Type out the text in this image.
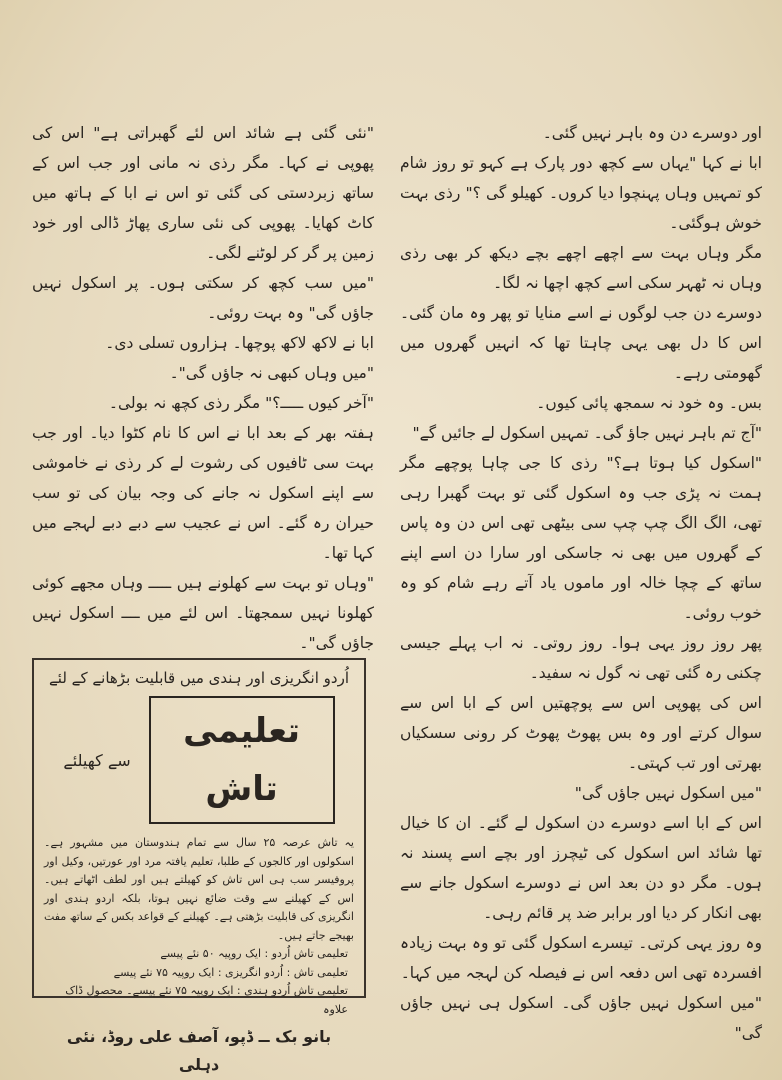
اور دوسرے دن وہ باہر نہیں گئی۔

ابا نے کہا "یہاں سے کچھ دور پارک ہے کہو تو روز شام کو تمہیں وہاں پہنچوا دیا کروں۔ کھیلو گی ؟" رذی بہت خوش ہوگئی۔

مگر وہاں بہت سے اچھے اچھے بچے دیکھ کر بھی رذی وہاں نہ ٹھہر سکی اسے کچھ اچھا نہ لگا۔

دوسرے دن جب لوگوں نے اسے منایا تو پھر وہ مان گئی۔ اس کا دل بھی یہی چاہتا تھا کہ انہیں گھروں میں گھومتی رہے۔

بس۔ وہ خود نہ سمجھ پائی کیوں۔

"آج تم باہر نہیں جاؤ گی۔ تمہیں اسکول لے جائیں گے"

"اسکول کیا ہوتا ہے؟" رذی کا جی چاہا پوچھے مگر ہمت نہ پڑی جب وہ اسکول گئی تو بہت گھبرا رہی تھی، الگ الگ چپ چپ سی بیٹھی تھی اس دن وہ پاس کے گھروں میں بھی نہ جاسکی اور سارا دن اسے اپنے ساتھ کے چچا خالہ اور ماموں یاد آتے رہے شام کو وہ خوب روئی۔

پھر روز روز یہی ہوا۔ روز روتی۔ نہ اب پہلے جیسی چکنی رہ گئی تھی نہ گول نہ سفید۔

اس کی پھوپی اس سے پوچھتیں اس کے ابا اس سے سوال کرتے اور وہ بس پھوٹ پھوٹ کر رونی سسکیاں بھرتی اور تب کہتی۔

"میں اسکول نہیں جاؤں گی"

اس کے ابا اسے دوسرے دن اسکول لے گئے۔ ان کا خیال تھا شائد اس اسکول کی ٹیچرز اور بچے اسے پسند نہ ہوں۔ مگر دو دن بعد اس نے دوسرے اسکول جانے سے بھی انکار کر دیا اور برابر ضد پر قائم رہی۔

وہ روز یہی کرتی۔ تیسرے اسکول گئی تو وہ بہت زیادہ افسردہ تھی اس دفعہ اس نے فیصلہ کن لہجہ میں کہا۔

"میں اسکول نہیں جاؤں گی۔ اسکول ہی نہیں جاؤں گی"

"نئی گئی ہے شائد اس لئے گھبراتی ہے" اس کی پھوپی نے کہا۔ مگر رذی نہ مانی اور جب اس کے ساتھ زبردستی کی گئی تو اس نے ابا کے ہاتھ میں کاٹ کھایا۔ پھوپی کی نئی ساری پھاڑ ڈالی اور خود زمین پر گر کر لوٹنے لگی۔

"میں سب کچھ کر سکتی ہوں۔ پر اسکول نہیں جاؤں گی" وہ بہت روئی۔

ابا نے لاکھ لاکھ پوچھا۔ ہزاروں تسلی دی۔

"میں وہاں کبھی نہ جاؤں گی"۔

"آخر کیوں ـــــ؟" مگر رذی کچھ نہ بولی۔

ہفتہ بھر کے بعد ابا نے اس کا نام کٹوا دیا۔ اور جب بہت سی ٹافیوں کی رشوت لے کر رذی نے خاموشی سے اپنے اسکول نہ جانے کی وجہ بیان کی تو سب حیران رہ گئے۔ اس نے عجیب سے دبے دبے لہجے میں کہا تھا۔

"وہاں تو بہت سے کھلونے ہیں ـــــ وہاں مجھے کوئی کھلونا نہیں سمجھتا۔ اس لئے میں ــــ اسکول نہیں جاؤں گی"۔

اُردو انگریزی اور ہندی میں قابلیت بڑھانے کے لئے
تعلیمی تاش
سے کھیلئے
یہ تاش عرصہ ۲۵ سال سے تمام ہندوستان میں مشہور ہے۔ اسکولوں اور کالجوں کے طلبا، تعلیم یافتہ مرد اور عورتیں، وکیل اور پروفیسر سب ہی اس تاش کو کھیلتے ہیں اور لطف اٹھاتے ہیں۔ اس کے کھیلنے سے وقت ضائع نہیں ہوتا، بلکہ اردو ہندی اور انگریزی کی قابلیت بڑھتی ہے۔ کھیلنے کے قواعد بکس کے ساتھ مفت بھیجے جاتے ہیں۔
تعلیمی تاش اُردو : ایک روپیہ ۵۰ نئے پیسے
تعلیمی تاش : اُردو انگریزی : ایک روپیہ ۷۵ نئے پیسے
تعلیمی تاش اُردو ہندی : ایک روپیہ ۷۵ نئے پیسے۔ محصول ڈاک علاوہ
بانو بک ــ ڈپو، آصف علی روڈ، نئی دہلی
